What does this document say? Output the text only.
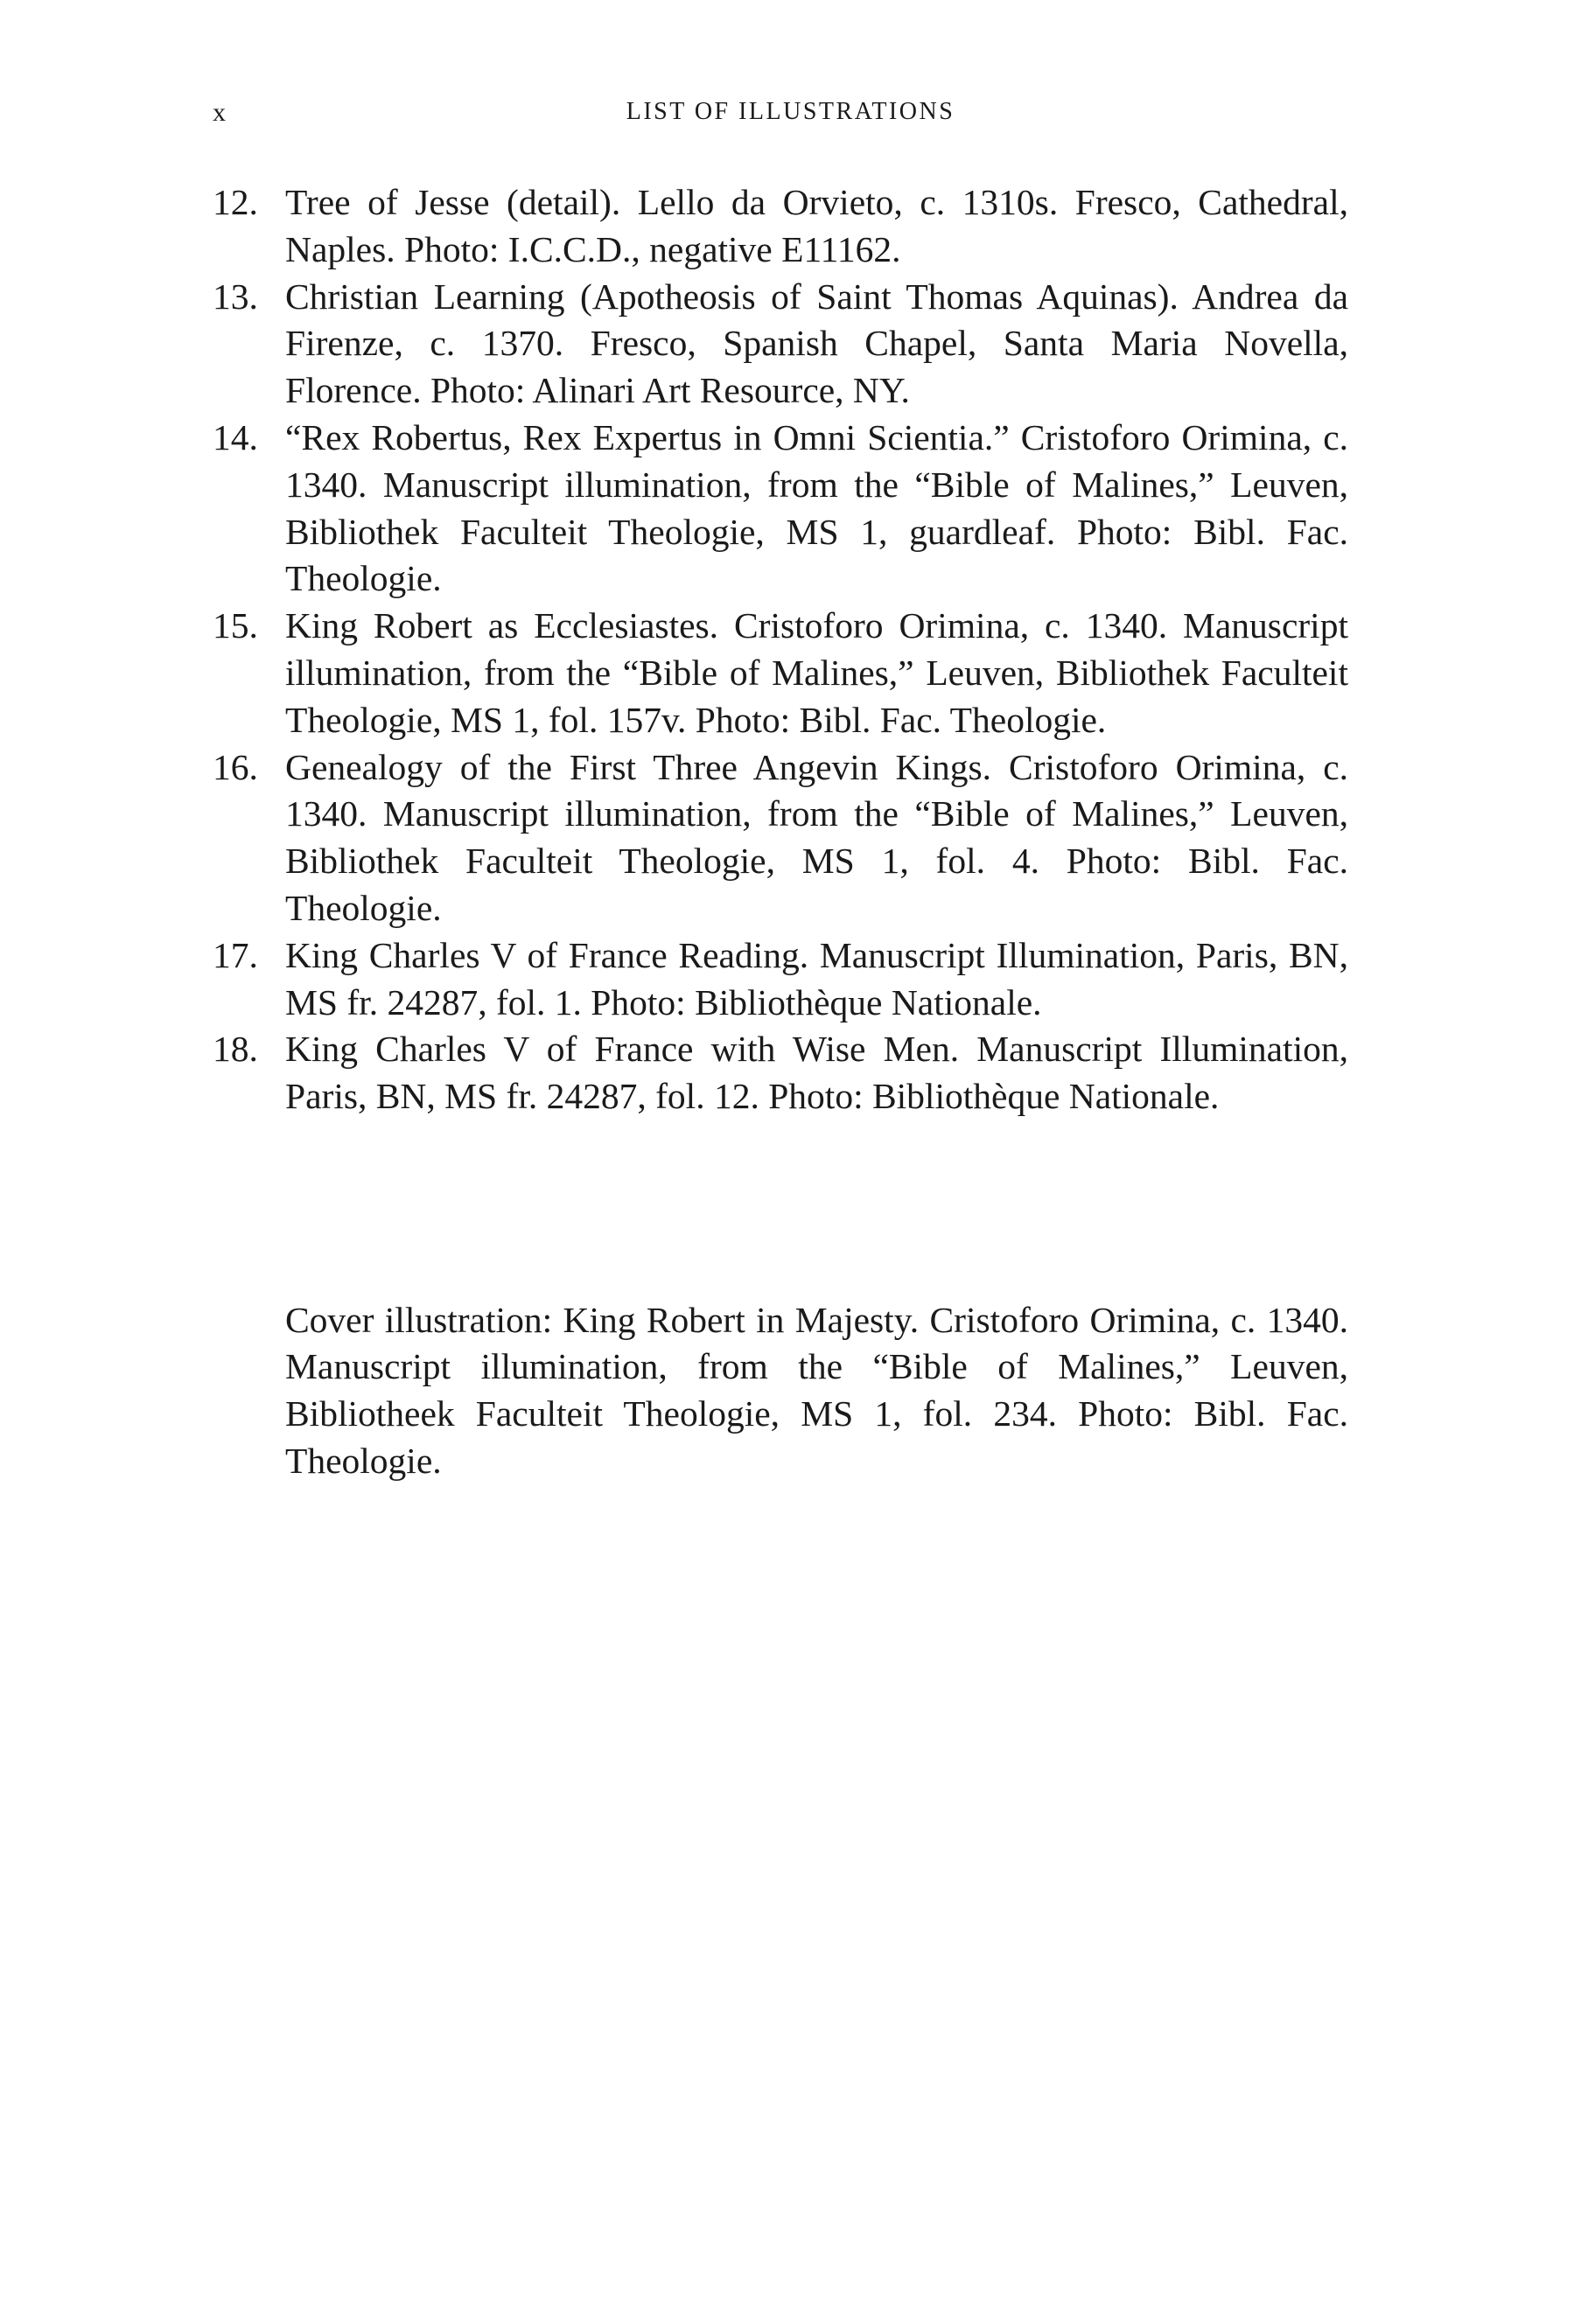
x	LIST OF ILLUSTRATIONS
12. Tree of Jesse (detail). Lello da Orvieto, c. 1310s. Fresco, Cathedral, Naples. Photo: I.C.C.D., negative E11162.
13. Christian Learning (Apotheosis of Saint Thomas Aquinas). Andrea da Firenze, c. 1370. Fresco, Spanish Chapel, Santa Maria Novella, Florence. Photo: Alinari Art Resource, NY.
14. “Rex Robertus, Rex Expertus in Omni Scientia.” Cristoforo Orimina, c. 1340. Manuscript illumination, from the “Bible of Malines,” Leuven, Bibliothek Faculteit Theologie, MS 1, guardleaf. Photo: Bibl. Fac. Theologie.
15. King Robert as Ecclesiastes. Cristoforo Orimina, c. 1340. Manuscript illumination, from the “Bible of Malines,” Leuven, Bibliothek Faculteit Theologie, MS 1, fol. 157v. Photo: Bibl. Fac. Theologie.
16. Genealogy of the First Three Angevin Kings. Cristoforo Orimina, c. 1340. Manuscript illumination, from the “Bible of Malines,” Leuven, Bibliothek Faculteit Theologie, MS 1, fol. 4. Photo: Bibl. Fac. Theologie.
17. King Charles V of France Reading. Manuscript Illumination, Paris, BN, MS fr. 24287, fol. 1. Photo: Bibliothèque Nationale.
18. King Charles V of France with Wise Men. Manuscript Illumination, Paris, BN, MS fr. 24287, fol. 12. Photo: Bibliothèque Nationale.

Cover illustration: King Robert in Majesty. Cristoforo Orimina, c. 1340. Manuscript illumination, from the “Bible of Malines,” Leuven, Bibliotheek Faculteit Theologie, MS 1, fol. 234. Photo: Bibl. Fac. Theologie.
